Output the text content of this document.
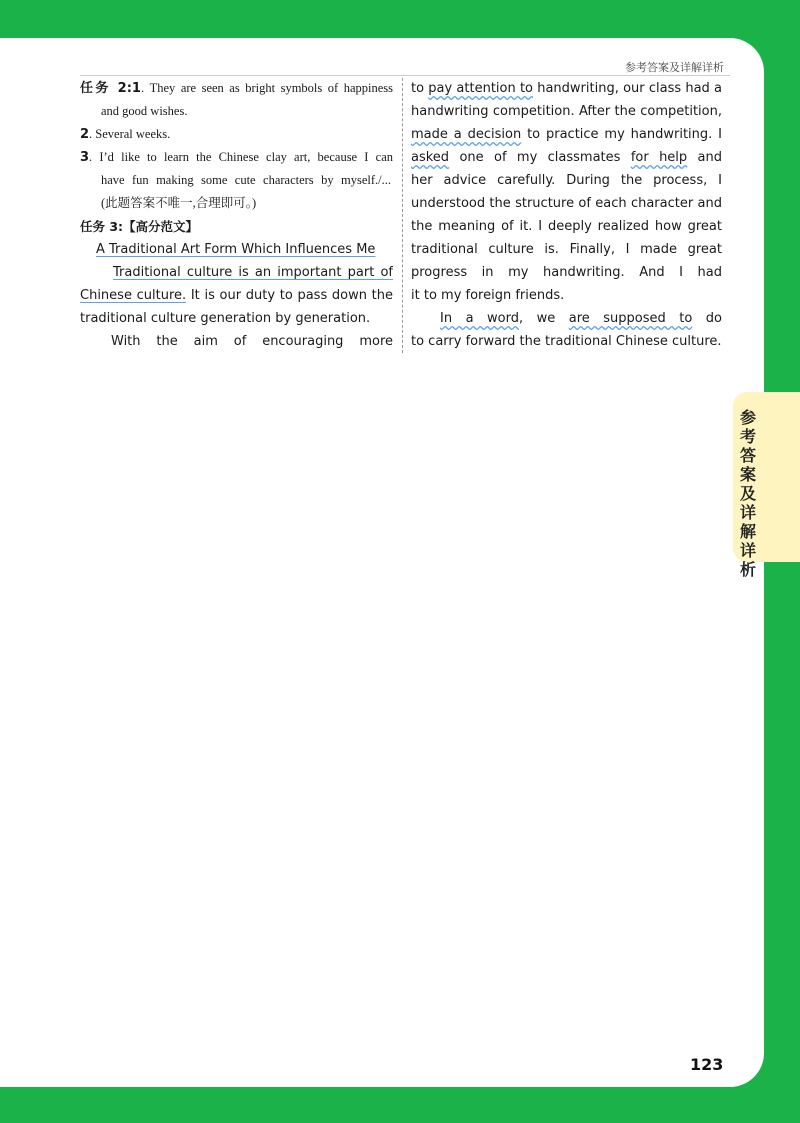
参考答案及详解详析
参考答案及详解详析
任务 2:1. They are seen as bright symbols of happiness
and good wishes.
2. Several weeks.
3. I’d like to learn the Chinese clay art, because I can
have fun making some cute characters by myself./...
(此题答案不唯一,合理即可。)
任务 3:【高分范文】
A Traditional Art Form Which Influences Me
Traditional culture is an important part of
Chinese culture. It is our duty to pass down the
traditional culture generation by generation.
With the aim of encouraging more
to pay attention to handwriting, our class had a
handwriting competition. After the competition,
made a decision to practice my handwriting. I
asked one of my classmates for help and
her advice carefully. During the process, I
understood the structure of each character and
the meaning of it. I deeply realized how great
traditional culture is. Finally, I made great
progress in my handwriting. And I had
it to my foreign friends.
In a word, we are supposed to do
to carry forward the traditional Chinese culture.
123
